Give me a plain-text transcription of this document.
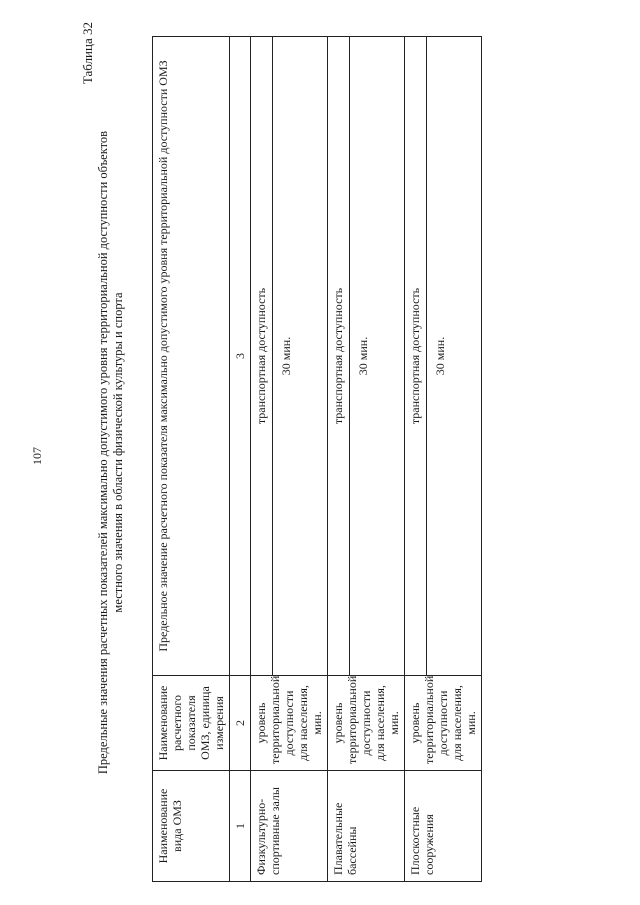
107
Таблица 32
Предельные значения расчетных показателей максимально допустимого уровня территориальной доступности объектов местного значения в области физической культуры и спорта
Наименование вида ОМЗ	Наименование расчетного показателя ОМЗ, единица измерения	Предельное значение расчетного показателя максимально допустимого уровня территориальной доступности ОМЗ
1	2	3
Физкультурно-спортивные залы	уровень территориальной доступности для населения, мин.	транспортная доступность 30 мин.

Плавательные бассейны	уровень территориальной доступности для населения, мин.	транспортная доступность 30 мин.

Плоскостные сооружения	уровень территориальной доступности для населения, мин.	транспортная доступность 30 мин.
